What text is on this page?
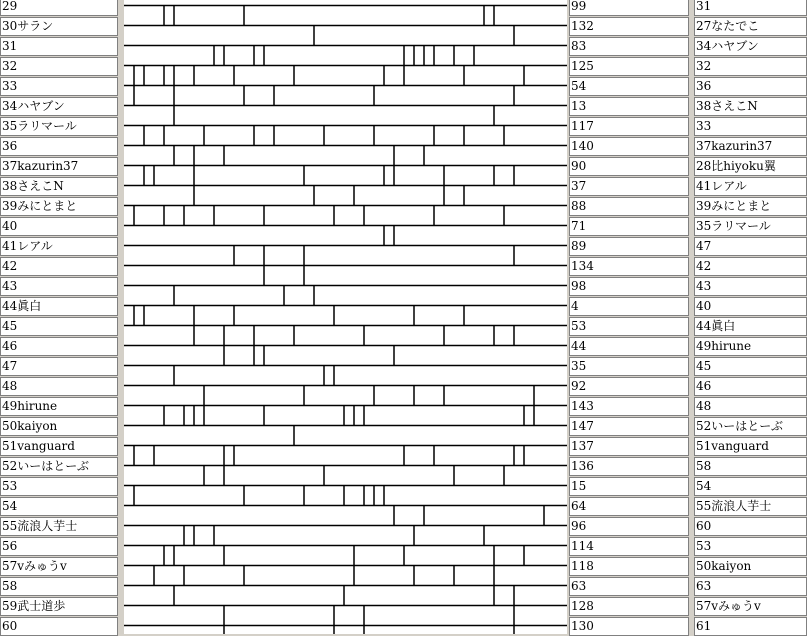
29
30サラン
31
32
33
34ハヤブン
35ラリマール
36
37kazurin37
38さえこN
39みにとまと
40
41レアル
42
43
44眞白
45
46
47
48
49hirune
50kaiyon
51vanguard
52いーはとーぶ
53
54
55流浪人芋士
56
57vみゅうv
58
59武士道歩
60
99
132
83
125
54
13
117
140
90
37
88
71
89
134
98
4
53
44
35
92
143
147
137
136
15
64
96
114
118
63
128
130
31
27なたでこ
34ハヤブン
32
36
38さえこN
33
37kazurin37
28比hiyoku翼
41レアル
39みにとまと
35ラリマール
47
42
43
40
44眞白
49hirune
45
46
48
52いーはとーぶ
51vanguard
58
54
55流浪人芋士
60
53
50kaiyon
63
57vみゅうv
61
